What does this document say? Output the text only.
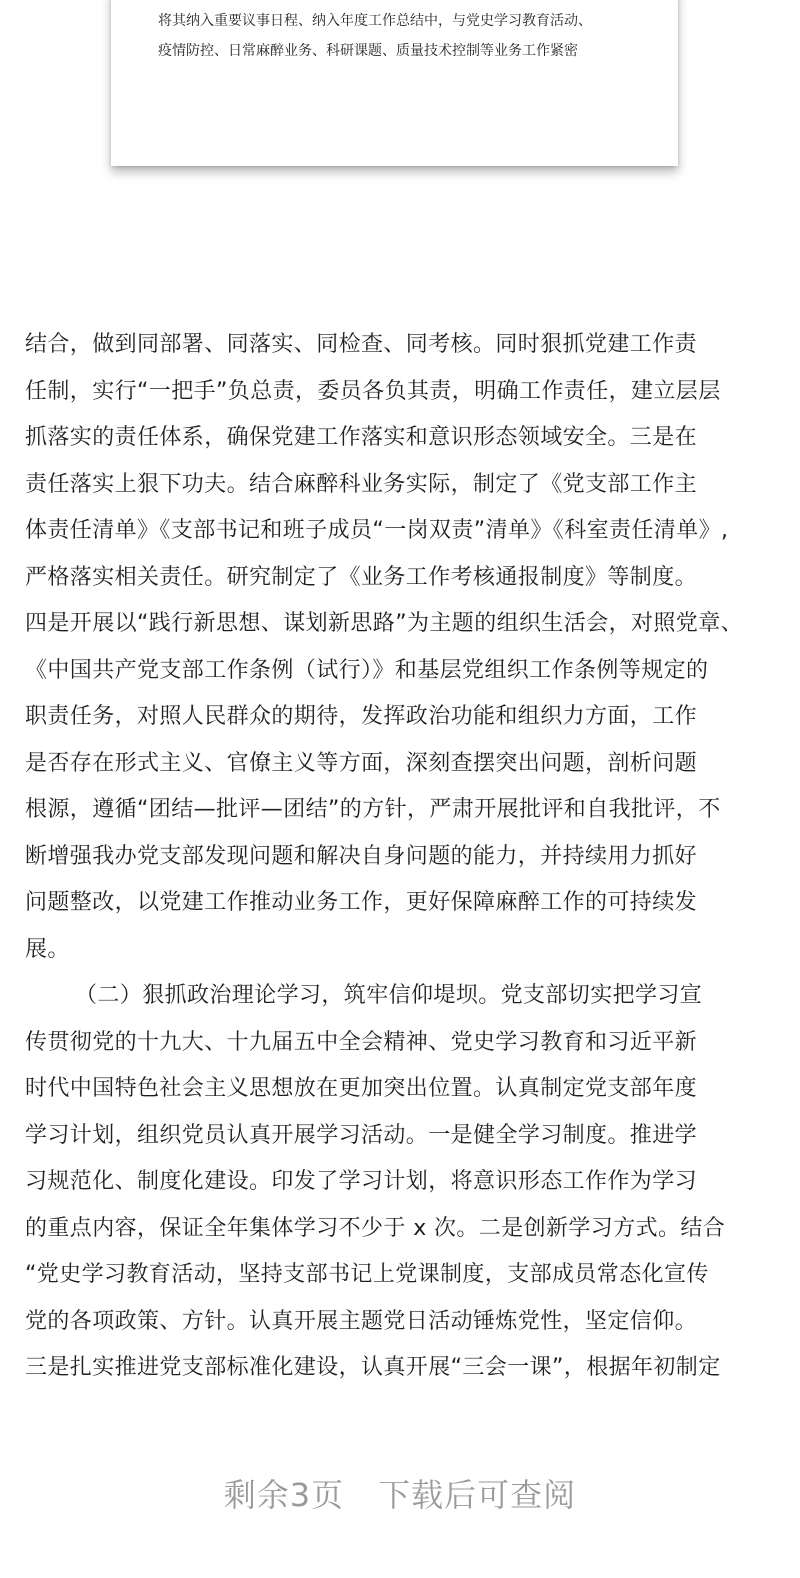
将其纳入重要议事日程、纳入年度工作总结中，与党史学习教育活动、
疫情防控、日常麻醉业务、科研课题、质量技术控制等业务工作紧密
结合，做到同部署、同落实、同检查、同考核。同时狠抓党建工作责
任制，实行“一把手”负总责，委员各负其责，明确工作责任，建立层层
抓落实的责任体系，确保党建工作落实和意识形态领域安全。三是在
责任落实上狠下功夫。结合麻醉科业务实际，制定了《党支部工作主
体责任清单》《支部书记和班子成员“一岗双责”清单》《科室责任清单》,
严格落实相关责任。研究制定了《业务工作考核通报制度》等制度。
四是开展以“践行新思想、谋划新思路”为主题的组织生活会，对照党章、
《中国共产党支部工作条例（试行）》和基层党组织工作条例等规定的
职责任务，对照人民群众的期待，发挥政治功能和组织力方面，工作
是否存在形式主义、官僚主义等方面，深刻查摆突出问题，剖析问题
根源，遵循“团结—批评—团结”的方针，严肃开展批评和自我批评，不
断增强我办党支部发现问题和解决自身问题的能力，并持续用力抓好
问题整改，以党建工作推动业务工作，更好保障麻醉工作的可持续发
展。
（二）狠抓政治理论学习，筑牢信仰堤坝。党支部切实把学习宣
传贯彻党的十九大、十九届五中全会精神、党史学习教育和习近平新
时代中国特色社会主义思想放在更加突出位置。认真制定党支部年度
学习计划，组织党员认真开展学习活动。一是健全学习制度。推进学
习规范化、制度化建设。印发了学习计划，将意识形态工作作为学习
的重点内容，保证全年集体学习不少于 x 次。二是创新学习方式。结合
“党史学习教育活动，坚持支部书记上党课制度，支部成员常态化宣传
党的各项政策、方针。认真开展主题党日活动锤炼党性，坚定信仰。
三是扎实推进党支部标准化建设，认真开展“三会一课”，根据年初制定
剩余3页 下载后可查阅
